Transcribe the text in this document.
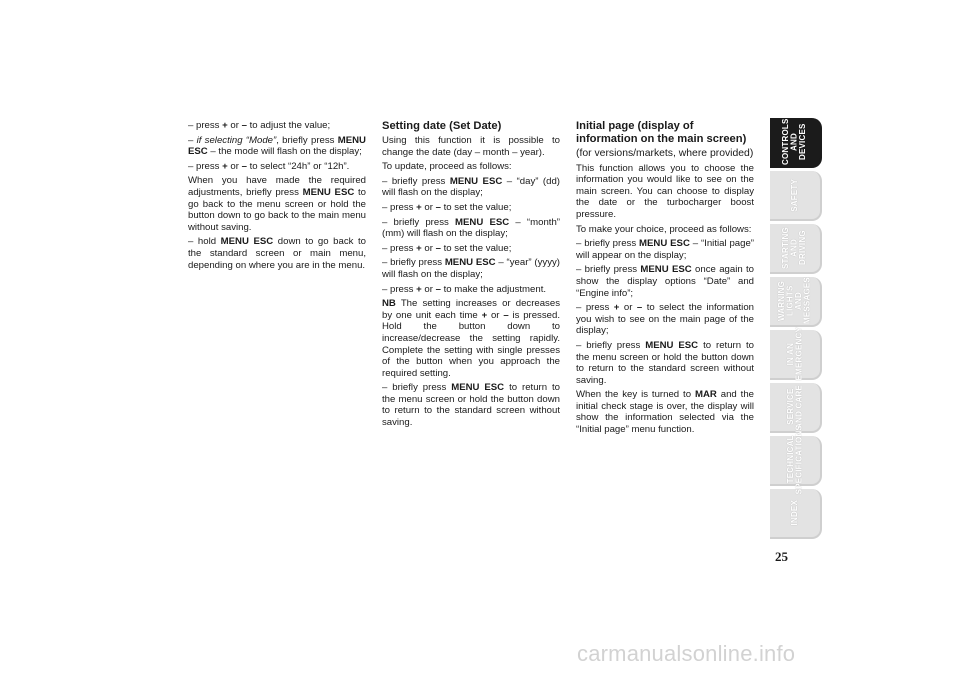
– press + or – to adjust the value;

– if selecting “Mode”, briefly press MENU ESC – the mode will flash on the display;

– press + or – to select “24h” or “12h”.

When you have made the required adjustments, briefly press MENU ESC to go back to the menu screen or hold the button down to go back to the main menu without saving.

– hold MENU ESC down to go back to the standard screen or main menu, depending on where you are in the menu.

Setting date (Set Date)

Using this function it is possible to change the date (day – month – year).

To update, proceed as follows:

– briefly press MENU ESC – “day” (dd) will flash on the display;

– press + or – to set the value;

– briefly press MENU ESC – “month” (mm) will flash on the display;

– press + or – to set the value;

– briefly press MENU ESC – “year” (yyyy) will flash on the display;

– press + or – to make the adjustment.

NB The setting increases or decreases by one unit each time + or – is pressed. Hold the button down to increase/decrease the setting rapidly. Complete the setting with single presses of the button when you approach the required setting.

– briefly press MENU ESC to return to the menu screen or hold the button down to return to the standard screen without saving.

Initial page (display of information on the main screen)

(for versions/markets, where provided)

This function allows you to choose the information you would like to see on the main screen. You can choose to display the date or the turbocharger boost pressure.

To make your choice, proceed as follows:

– briefly press MENU ESC – “Initial page” will appear on the display;

– briefly press MENU ESC once again to show the display options “Date” and “Engine info”;

– press + or – to select the information you wish to see on the main page of the display;

– briefly press MENU ESC to return to the menu screen or hold the button down to return to the standard screen without saving.

When the key is turned to MAR and the initial check stage is over, the display will show the information selected via the “Initial page” menu function.

CONTROLS
AND DEVICES
SAFETY
STARTING
AND DRIVING
WARNING
LIGHTS AND
MESSAGES
IN AN
EMERGENCY
SERVICE
AND CARE
TECHNICAL
SPECIFICATIONS
INDEX
25
carmanualsonline.info
